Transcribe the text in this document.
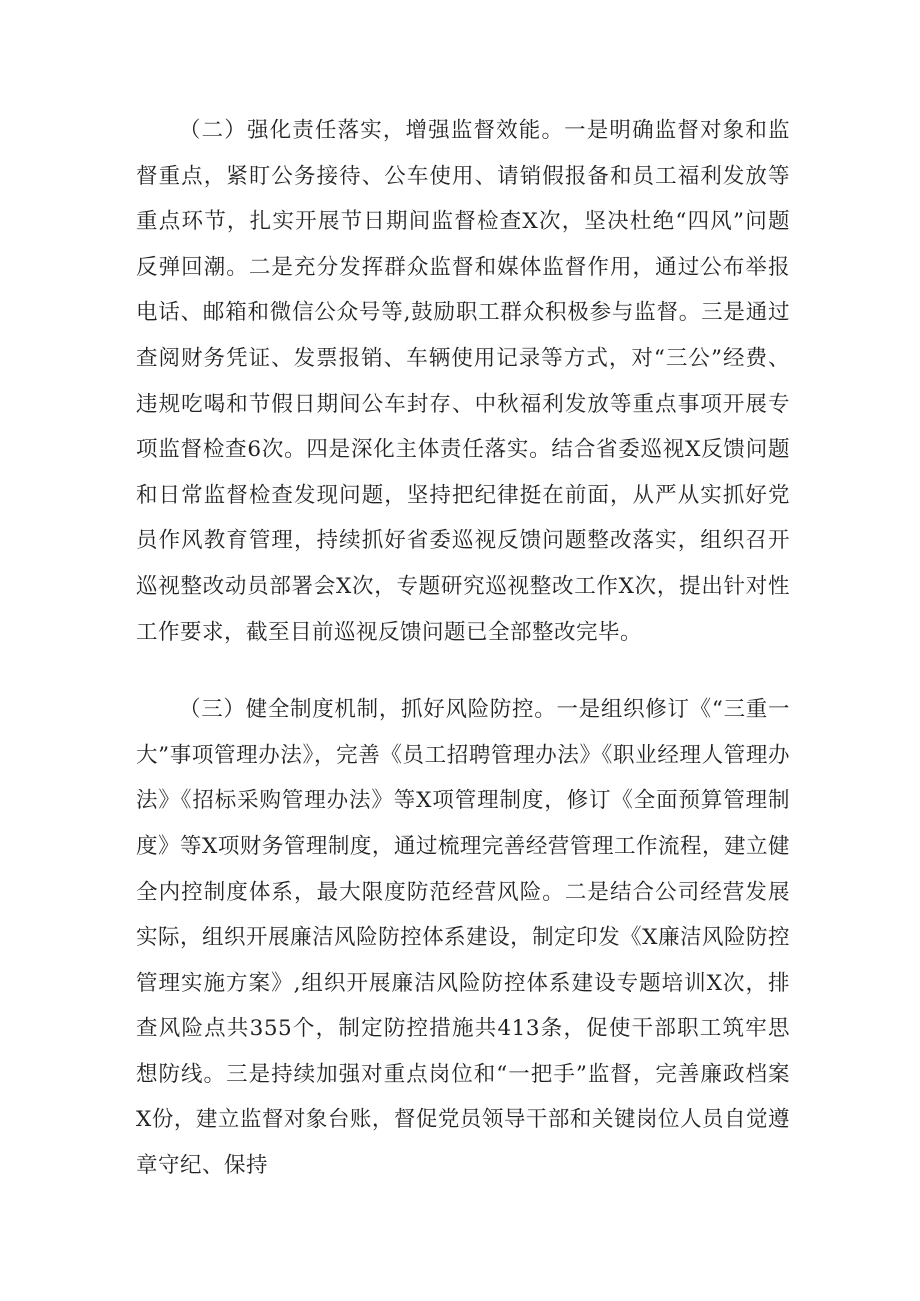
（二）强化责任落实，增强监督效能。一是明确监督对象和监督重点，紧盯公务接待、公车使用、请销假报备和员工福利发放等重点环节，扎实开展节日期间监督检查X次，坚决杜绝“四风”问题反弹回潮。二是充分发挥群众监督和媒体监督作用，通过公布举报电话、邮箱和微信公众号等,鼓励职工群众积极参与监督。三是通过查阅财务凭证、发票报销、车辆使用记录等方式，对“三公”经费、违规吃喝和节假日期间公车封存、中秋福利发放等重点事项开展专项监督检查6次。四是深化主体责任落实。结合省委巡视X反馈问题和日常监督检查发现问题，坚持把纪律挺在前面，从严从实抓好党员作风教育管理，持续抓好省委巡视反馈问题整改落实，组织召开巡视整改动员部署会X次，专题研究巡视整改工作X次，提出针对性工作要求，截至目前巡视反馈问题已全部整改完毕。

（三）健全制度机制，抓好风险防控。一是组织修订《“三重一大”事项管理办法》，完善《员工招聘管理办法》《职业经理人管理办法》《招标采购管理办法》等X项管理制度，修订《全面预算管理制度》等X项财务管理制度，通过梳理完善经营管理工作流程，建立健全内控制度体系，最大限度防范经营风险。二是结合公司经营发展实际，组织开展廉洁风险防控体系建设，制定印发《X廉洁风险防控管理实施方案》,组织开展廉洁风险防控体系建设专题培训X次，排查风险点共355个，制定防控措施共413条，促使干部职工筑牢思想防线。三是持续加强对重点岗位和“一把手”监督，完善廉政档案X份，建立监督对象台账，督促党员领导干部和关键岗位人员自觉遵章守纪、保持
